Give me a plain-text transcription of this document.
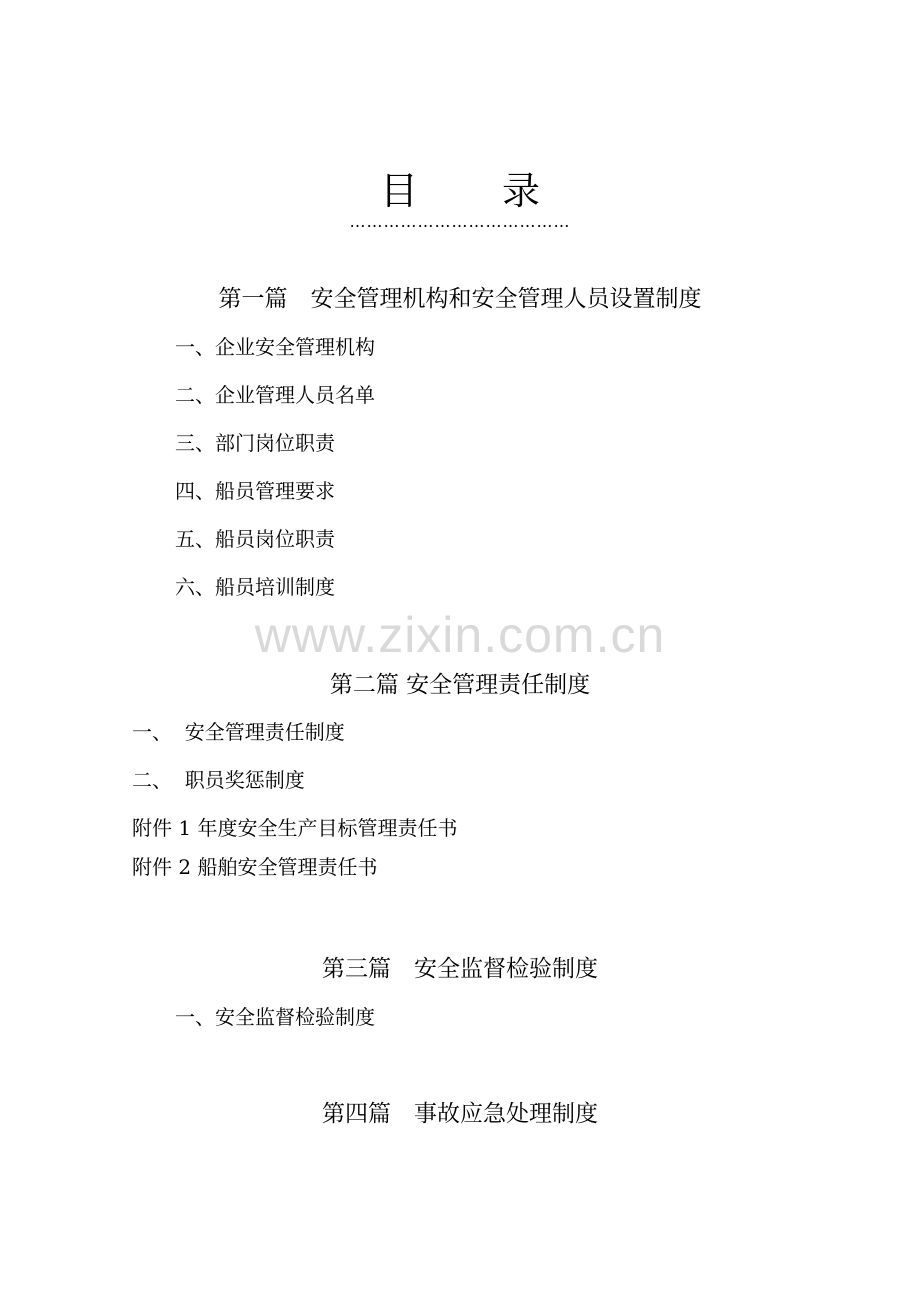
目 录
…………………………………
第一篇　安全管理机构和安全管理人员设置制度
一、企业安全管理机构
二、企业管理人员名单
三、部门岗位职责
四、船员管理要求
五、船员岗位职责
六、船员培训制度
www.zixin.com.cn
第二篇 安全管理责任制度
一、  安全管理责任制度
二、  职员奖惩制度
附件 1 年度安全生产目标管理责任书
附件 2 船舶安全管理责任书
第三篇　安全监督检验制度
一、安全监督检验制度
第四篇　事故应急处理制度
